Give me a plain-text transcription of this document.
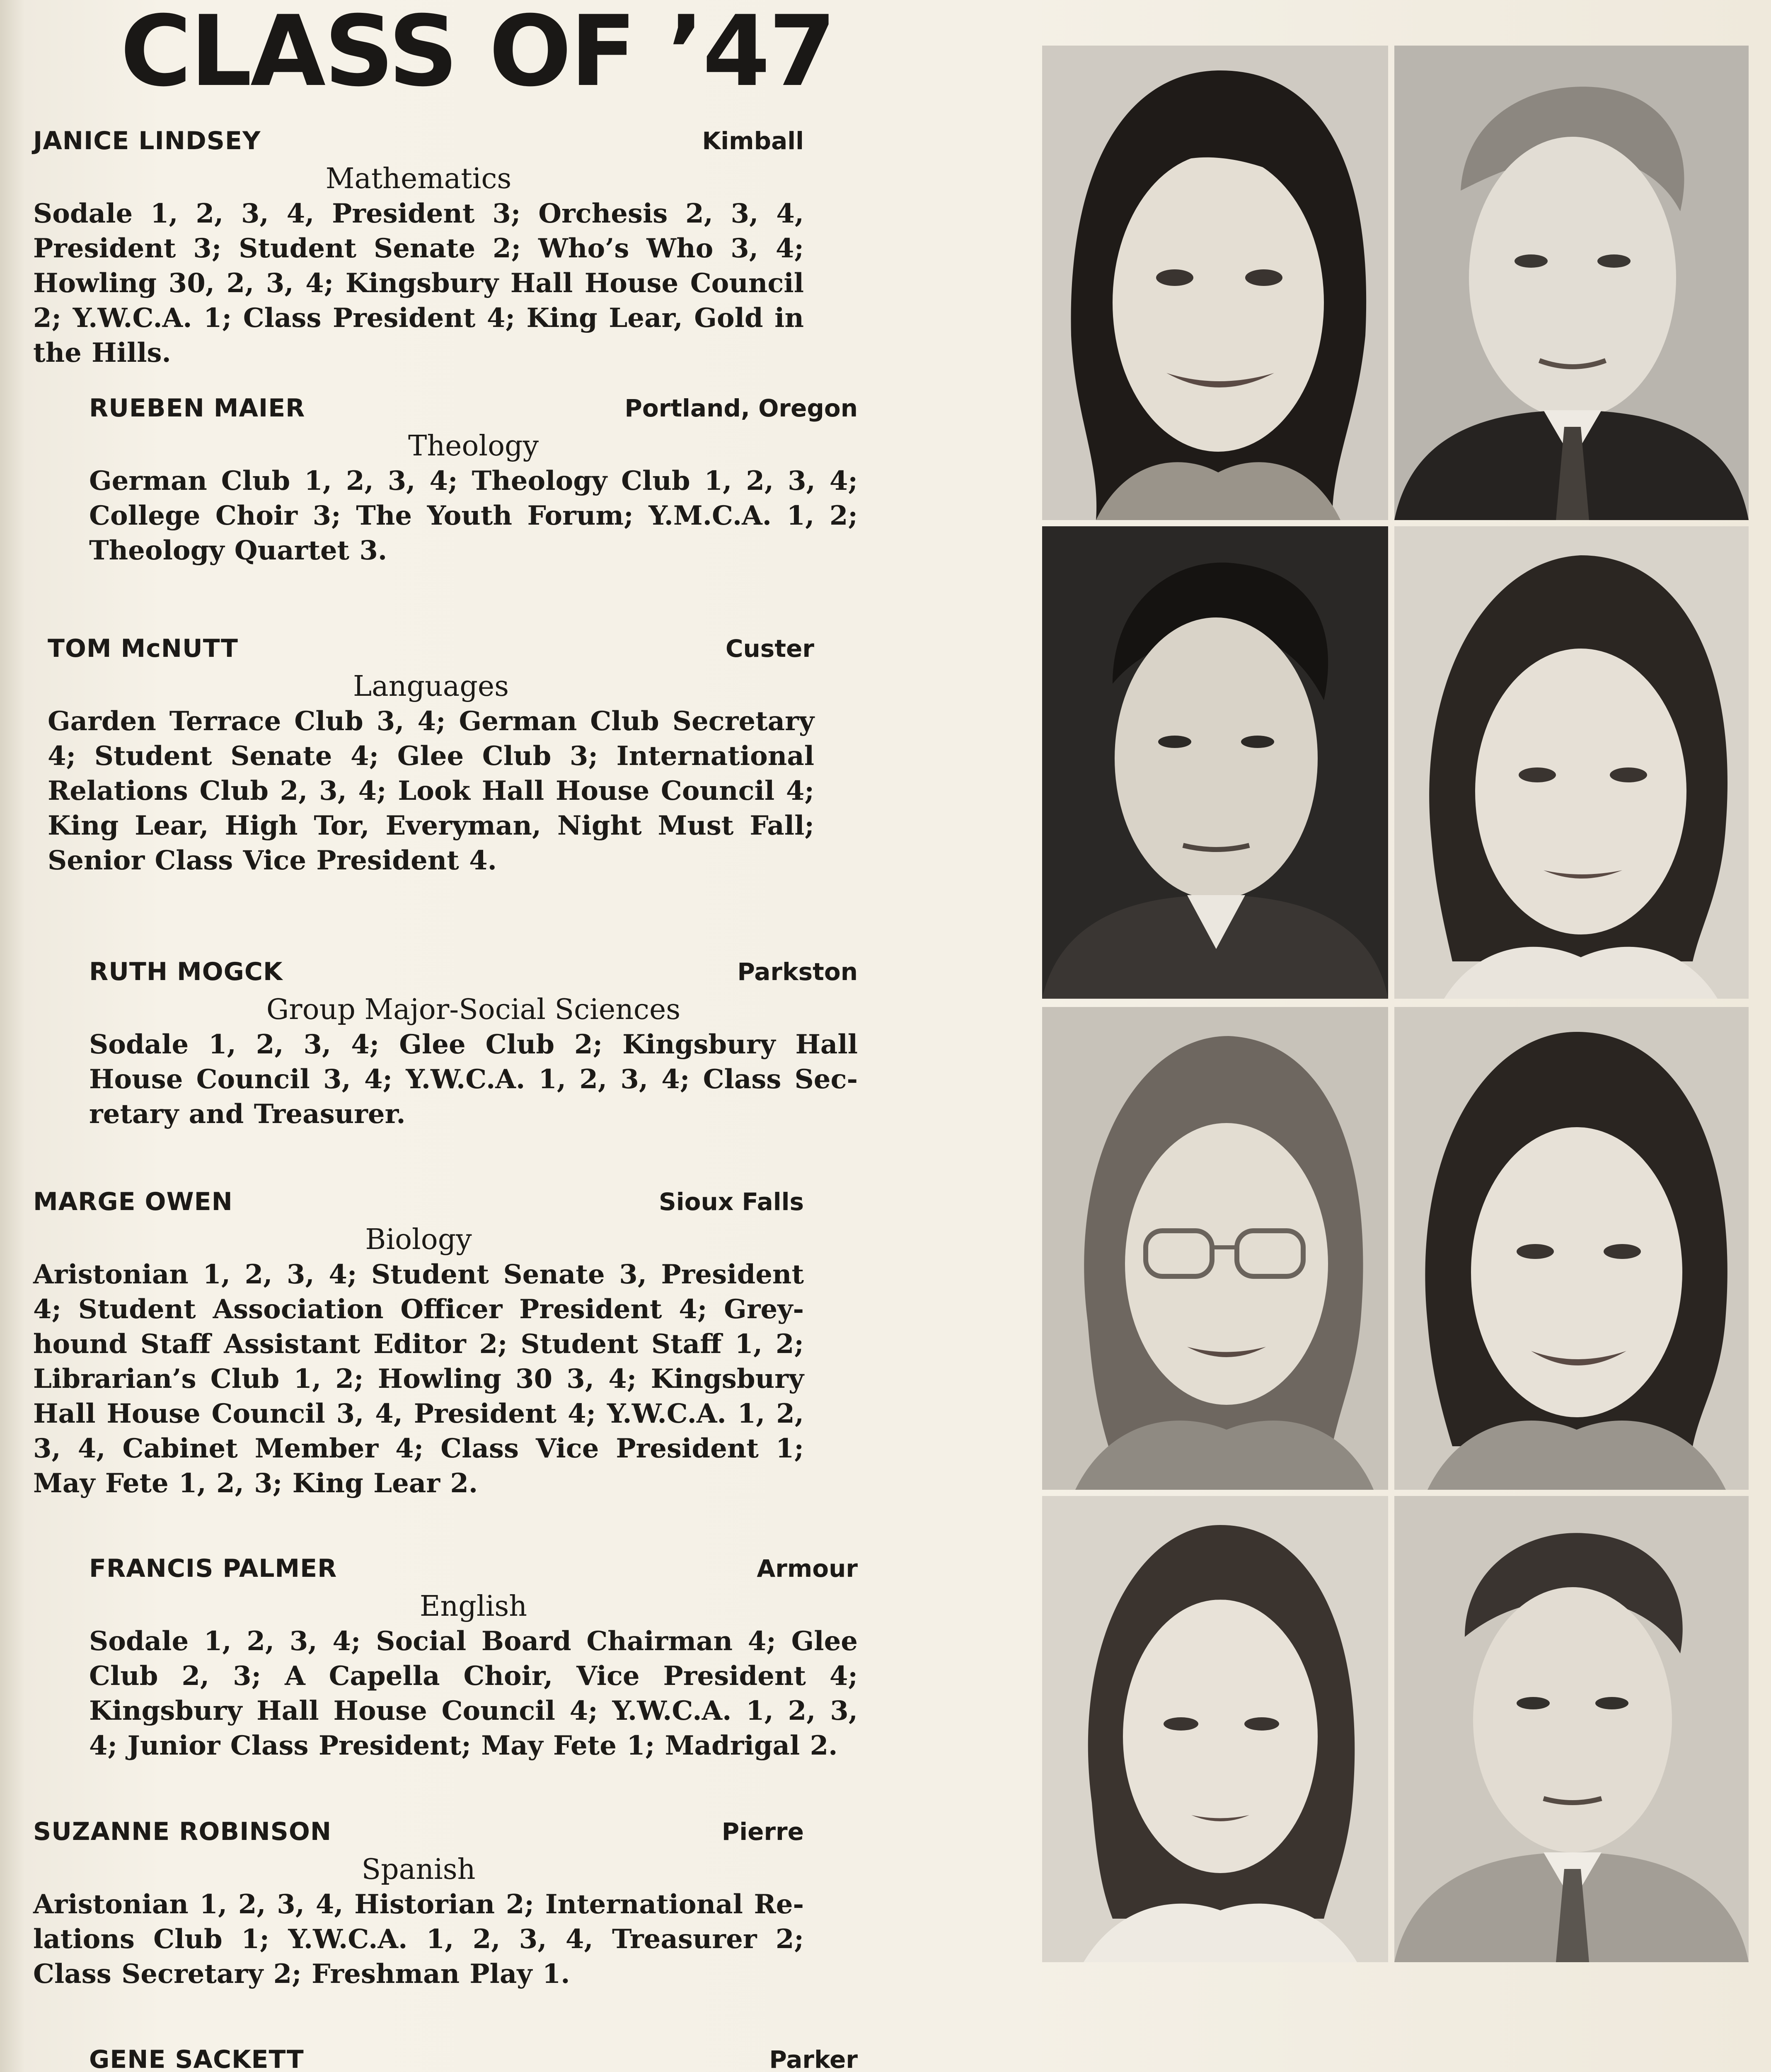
CLASS OF ’47
JANICE LINDSEY	Kimball
Mathematics
Sodale 1, 2, 3, 4, President 3; Orchesis 2, 3, 4, President 3; Student Senate 2; Who’s Who 3, 4; Howling 30, 2, 3, 4; Kingsbury Hall House Council 2; Y.W.C.A. 1; Class President 4; King Lear, Gold in the Hills.
RUEBEN MAIER	Portland, Oregon
Theology
German Club 1, 2, 3, 4; Theology Club 1, 2, 3, 4; College Choir 3; The Youth Forum; Y.M.C.A. 1, 2; Theology Quartet 3.
TOM McNUTT	Custer
Languages
Garden Terrace Club 3, 4; German Club Secretary 4; Student Senate 4; Glee Club 3; International Relations Club 2, 3, 4; Look Hall House Council 4; King Lear, High Tor, Everyman, Night Must Fall; Senior Class Vice President 4.
RUTH MOGCK	Parkston
Group Major-Social Sciences
Sodale 1, 2, 3, 4; Glee Club 2; Kingsbury Hall House Council 3, 4; Y.W.C.A. 1, 2, 3, 4; Class Secretary and Treasurer.
MARGE OWEN	Sioux Falls
Biology
Aristonian 1, 2, 3, 4; Student Senate 3, President 4; Student Association Officer President 4; Greyhound Staff Assistant Editor 2; Student Staff 1, 2; Librarian’s Club 1, 2; Howling 30 3, 4; Kingsbury Hall House Council 3, 4, President 4; Y.W.C.A. 1, 2, 3, 4, Cabinet Member 4; Class Vice President 1; May Fete 1, 2, 3; King Lear 2.
FRANCIS PALMER	Armour
English
Sodale 1, 2, 3, 4; Social Board Chairman 4; Glee Club 2, 3; A Capella Choir, Vice President 4; Kingsbury Hall House Council 4; Y.W.C.A. 1, 2, 3, 4; Junior Class President; May Fete 1; Madrigal 2.
SUZANNE ROBINSON	Pierre
Spanish
Aristonian 1, 2, 3, 4, Historian 2; International Relations Club 1; Y.W.C.A. 1, 2, 3, 4, Treasurer 2; Class Secretary 2; Freshman Play 1.
GENE SACKETT	Parker
